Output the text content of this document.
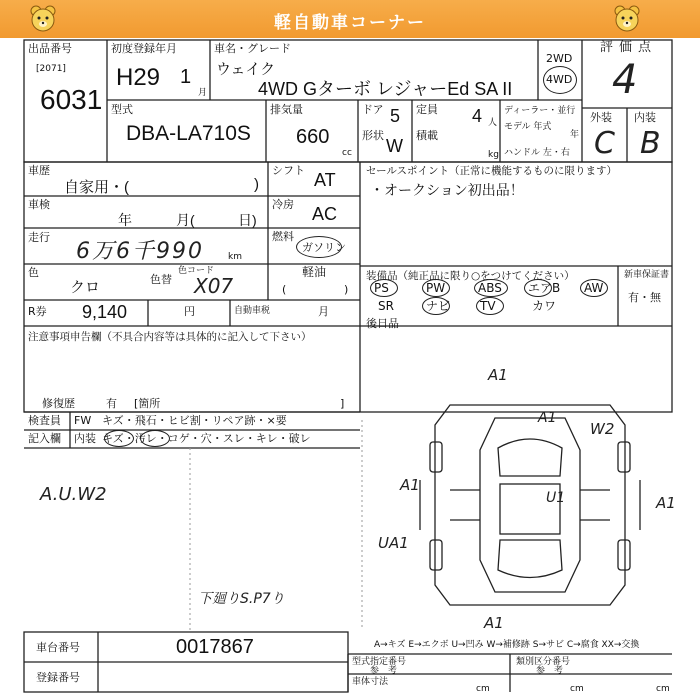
軽自動車コーナー
出品番号
[2071]
6031
初度登録年月
H29 1
月
車名・グレード
ウェイク
4WD Gターボ レジャーEd SA II
2WD
4WD
評価点
4
外装 内装
C B
型式
DBA-LA710S
排気量
660
cc
ドア 5
形状
W
定員 4 人
積載
kg
ディーラー・並行
モデル 年式
年
ハンドル 左・右
車歴
自家用・(	)
シフト AT
車検
年	月(	日)
冷房 AC
走行
6万6千990	km
燃料
ガソリン
軽油
(	)
色
クロ	色替
色コード
X07
R券 9,140	円	自動車税	月
セールスポイント（正常に機能するものに限ります）
・オークション初出品！
装備品（純正品に限り○をつけてください）
PS	PW	ABS エアB AW
SR	ナビ TV	カワ
新車保証書
有・無
後日品
注意事項申告欄（不具合内容等は具体的に記入して下さい）
修復歴	有 [箇所	]
検査員
記入欄
FW キズ・飛石・ヒビ割・リペア跡・×要
内装 キズ・汚レ・コゲ・穴・スレ・キレ・破レ
A.U.W2
下廻りS.P7り
A1
A1
W2
A1
A1
U1
UA1
A1
車台番号	0017867
登録番号
A→キズ E→エクボ U→凹み W→補修跡 S→サビ C→腐食 XX→交換
型式指定番号
参　考
類別区分番号
参　考
車体寸法
cm	cm	cm
